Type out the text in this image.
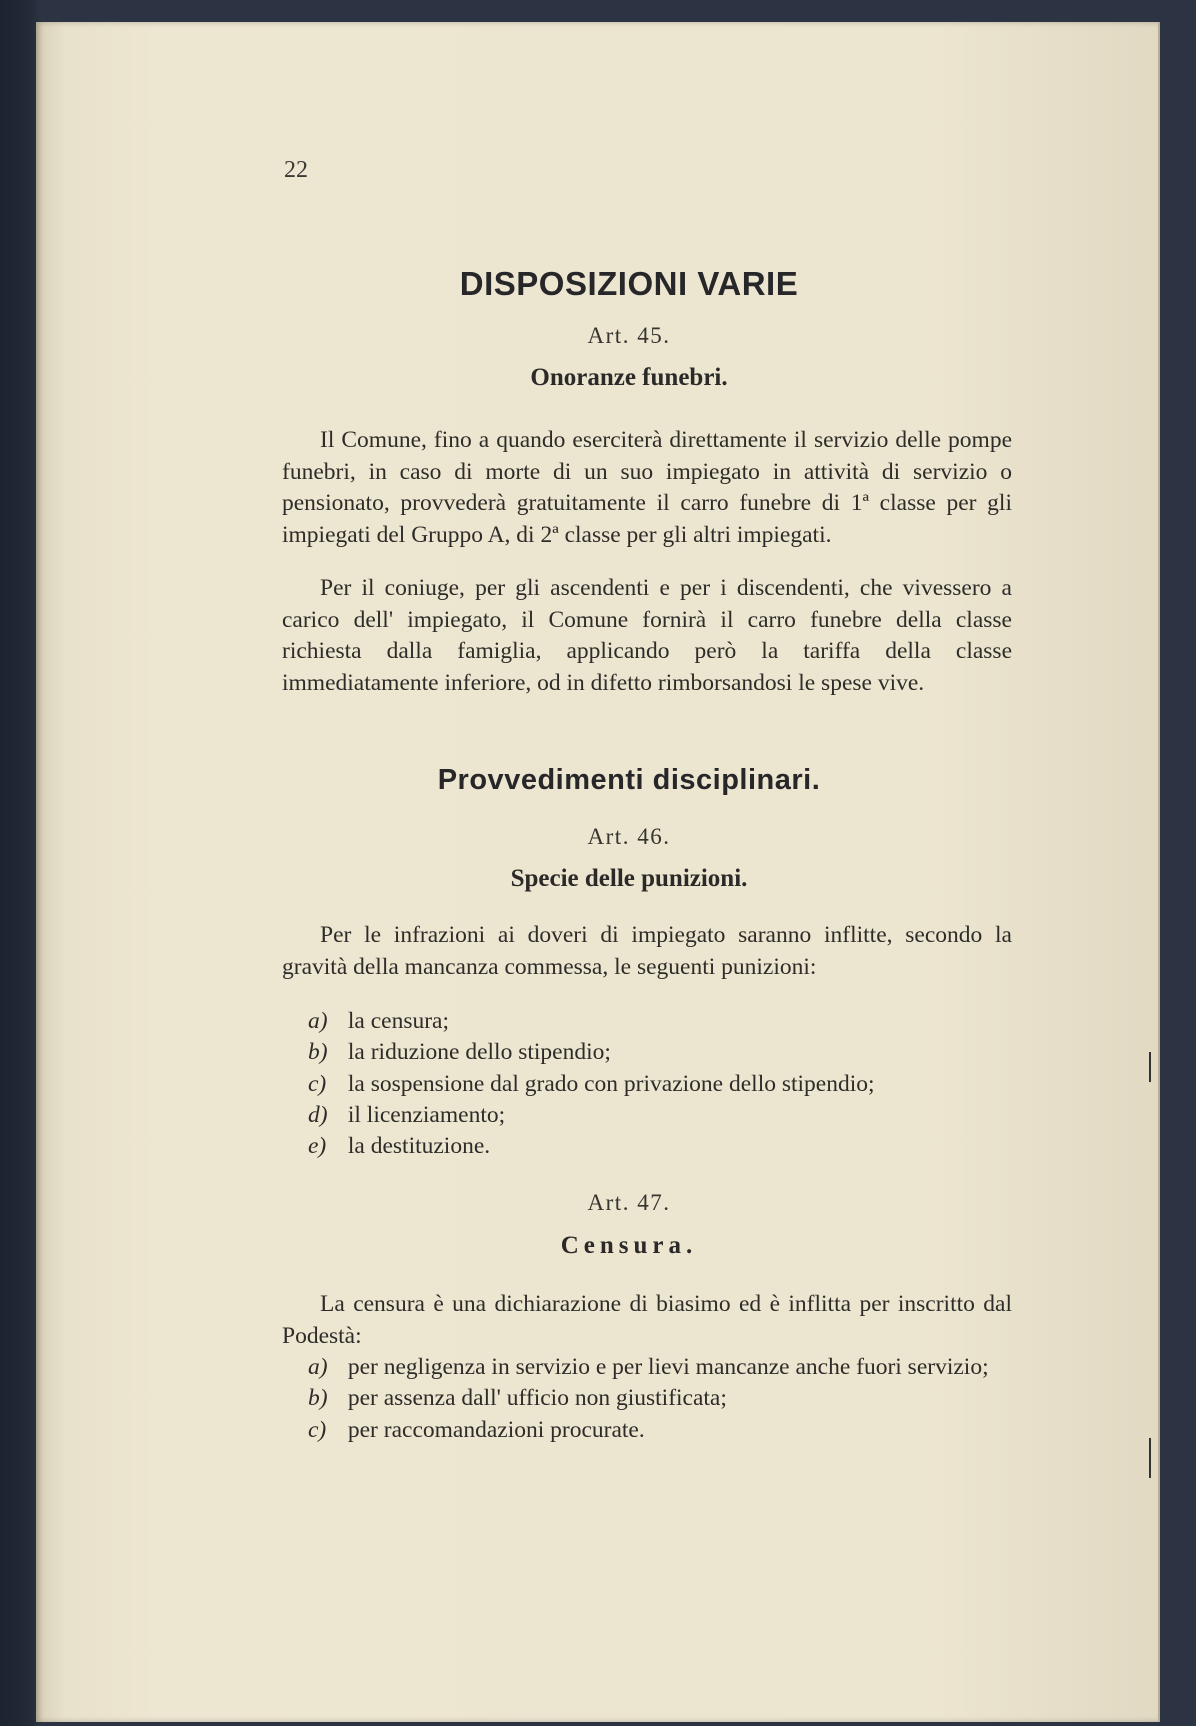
22
DISPOSIZIONI VARIE
Art. 45.
Onoranze funebri.
Il Comune, fino a quando eserciterà direttamente il servizio delle pompe funebri, in caso di morte di un suo impiegato in attività di servizio o pensionato, provvederà gratuitamente il carro funebre di 1ª classe per gli impiegati del Gruppo A, di 2ª classe per gli altri impiegati.
Per il coniuge, per gli ascendenti e per i discendenti, che vivessero a carico dell' impiegato, il Comune fornirà il carro funebre della classe richiesta dalla famiglia, applicando però la tariffa della classe immediatamente inferiore, od in difetto rimborsandosi le spese vive.
Provvedimenti disciplinari.
Art. 46.
Specie delle punizioni.
Per le infrazioni ai doveri di impiegato saranno inflitte, secondo la gravità della mancanza commessa, le seguenti punizioni:
a) la censura;
b) la riduzione dello stipendio;
c) la sospensione dal grado con privazione dello stipendio;
d) il licenziamento;
e) la destituzione.
Art. 47.
Censura.
La censura è una dichiarazione di biasimo ed è inflitta per inscritto dal Podestà:
a) per negligenza in servizio e per lievi mancanze anche fuori servizio;
b) per assenza dall' ufficio non giustificata;
c) per raccomandazioni procurate.
